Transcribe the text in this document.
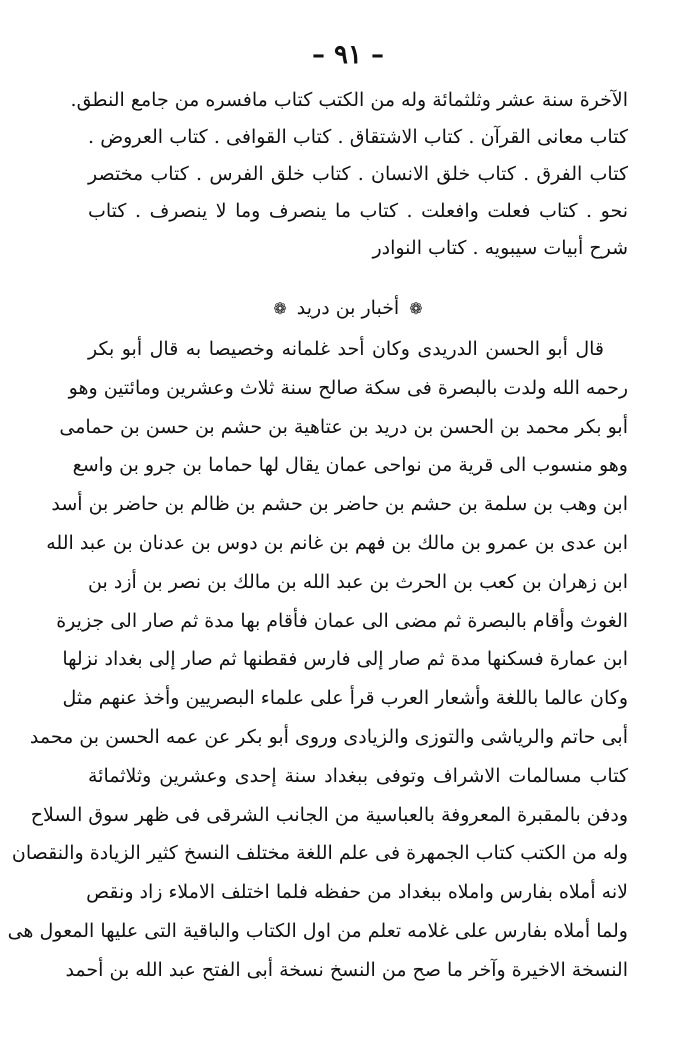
– ٩١ –
الآخرة سنة عشر وثلثمائة وله من الكتب كتاب مافسره من جامع النطق.
كتاب معانى القرآن . كتاب الاشتقاق . كتاب القوافى . كتاب العروض .
كتاب الفرق . كتاب خلق الانسان . كتاب خلق الفرس . كتاب مختصر
نحو . كتاب فعلت وافعلت . كتاب ما ينصرف وما لا ينصرف . كتاب
شرح أبيات سيبويه . كتاب النوادر
❁ أخبار بن دريد ❁
قال أبو الحسن الدريدى وكان أحد غلمانه وخصيصا به قال أبو بكر
رحمه الله ولدت بالبصرة فى سكة صالح سنة ثلاث وعشرين ومائتين وهو
أبو بكر محمد بن الحسن بن دريد بن عتاهية بن حشم بن حسن بن حمامى
وهو منسوب الى قرية من نواحى عمان يقال لها حماما بن جرو بن واسع
ابن وهب بن سلمة بن حشم بن حاضر بن حشم بن ظالم بن حاضر بن أسد
ابن عدى بن عمرو بن مالك بن فهم بن غانم بن دوس بن عدنان بن عبد الله
ابن زهران بن كعب بن الحرث بن عبد الله بن مالك بن نصر بن أزد بن
الغوث وأقام بالبصرة ثم مضى الى عمان فأقام بها مدة ثم صار الى جزيرة
ابن عمارة فسكنها مدة ثم صار إلى فارس فقطنها ثم صار إلى بغداد نزلها
وكان عالما باللغة وأشعار العرب قرأ على علماء البصريين وأخذ عنهم مثل
أبى حاتم والرياشى والتوزى والزيادى وروى أبو بكر عن عمه الحسن بن محمد
كتاب مسالمات الاشراف وتوفى ببغداد سنة إحدى وعشرين وثلاثمائة
ودفن بالمقبرة المعروفة بالعباسية من الجانب الشرقى فى ظهر سوق السلاح
وله من الكتب كتاب الجمهرة فى علم اللغة مختلف النسخ كثير الزيادة والنقصان
لانه أملاه بفارس واملاه ببغداد من حفظه فلما اختلف الاملاء زاد ونقص
ولما أملاه بفارس على غلامه تعلم من اول الكتاب والباقية التى عليها المعول هى
النسخة الاخيرة وآخر ما صح من النسخ نسخة أبى الفتح عبد الله بن أحمد
